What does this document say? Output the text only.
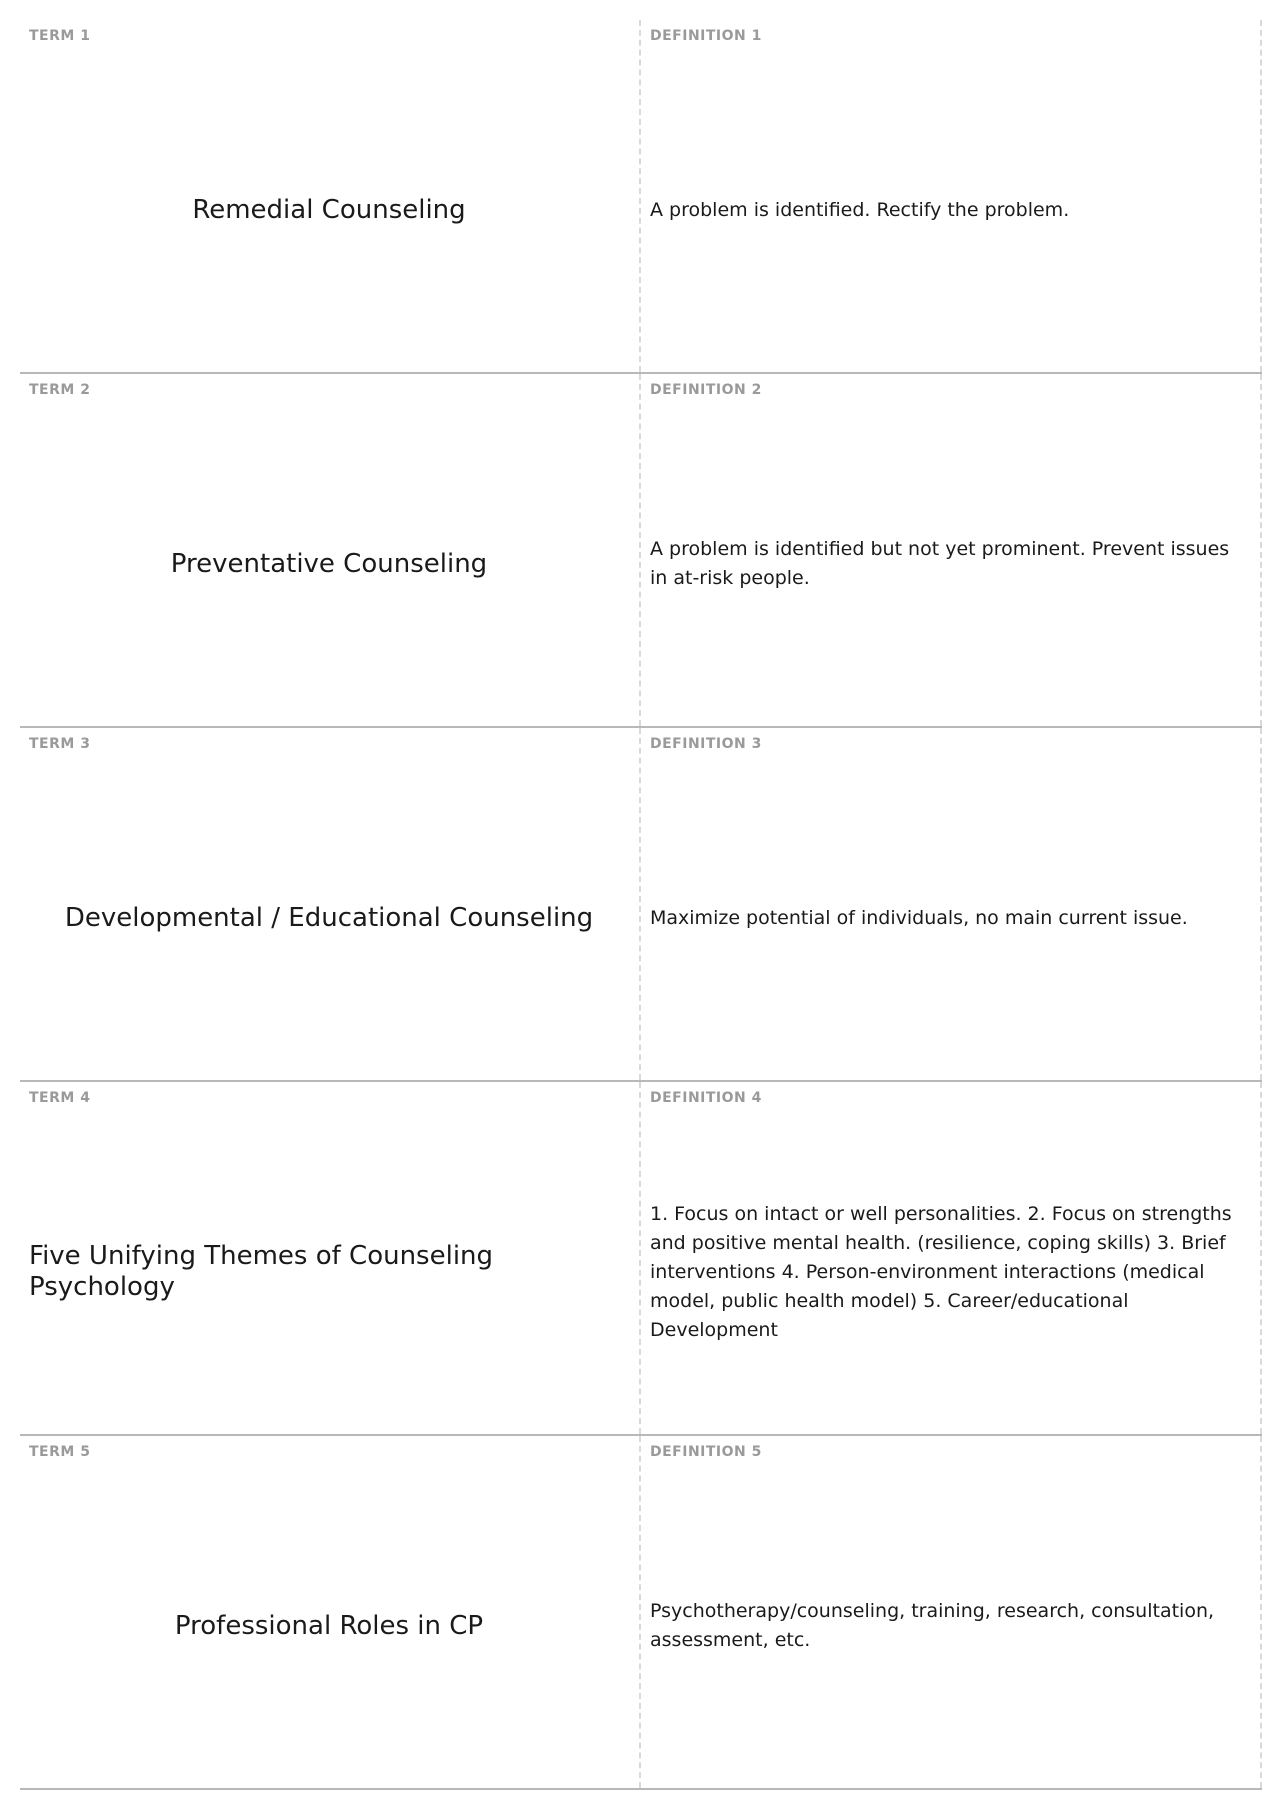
TERM 1
Remedial Counseling
DEFINITION 1
A problem is identified. Rectify the problem.
TERM 2
Preventative Counseling
DEFINITION 2
A problem is identified but not yet prominent. Prevent issues in at-risk people.
TERM 3
Developmental / Educational Counseling
DEFINITION 3
Maximize potential of individuals, no main current issue.
TERM 4
Five Unifying Themes of Counseling Psychology
DEFINITION 4
1. Focus on intact or well personalities. 2. Focus on strengths and positive mental health. (resilience, coping skills) 3. Brief interventions 4. Person-environment interactions (medical model, public health model) 5. Career/educational Development
TERM 5
Professional Roles in CP
DEFINITION 5
Psychotherapy/counseling, training, research, consultation, assessment, etc.
